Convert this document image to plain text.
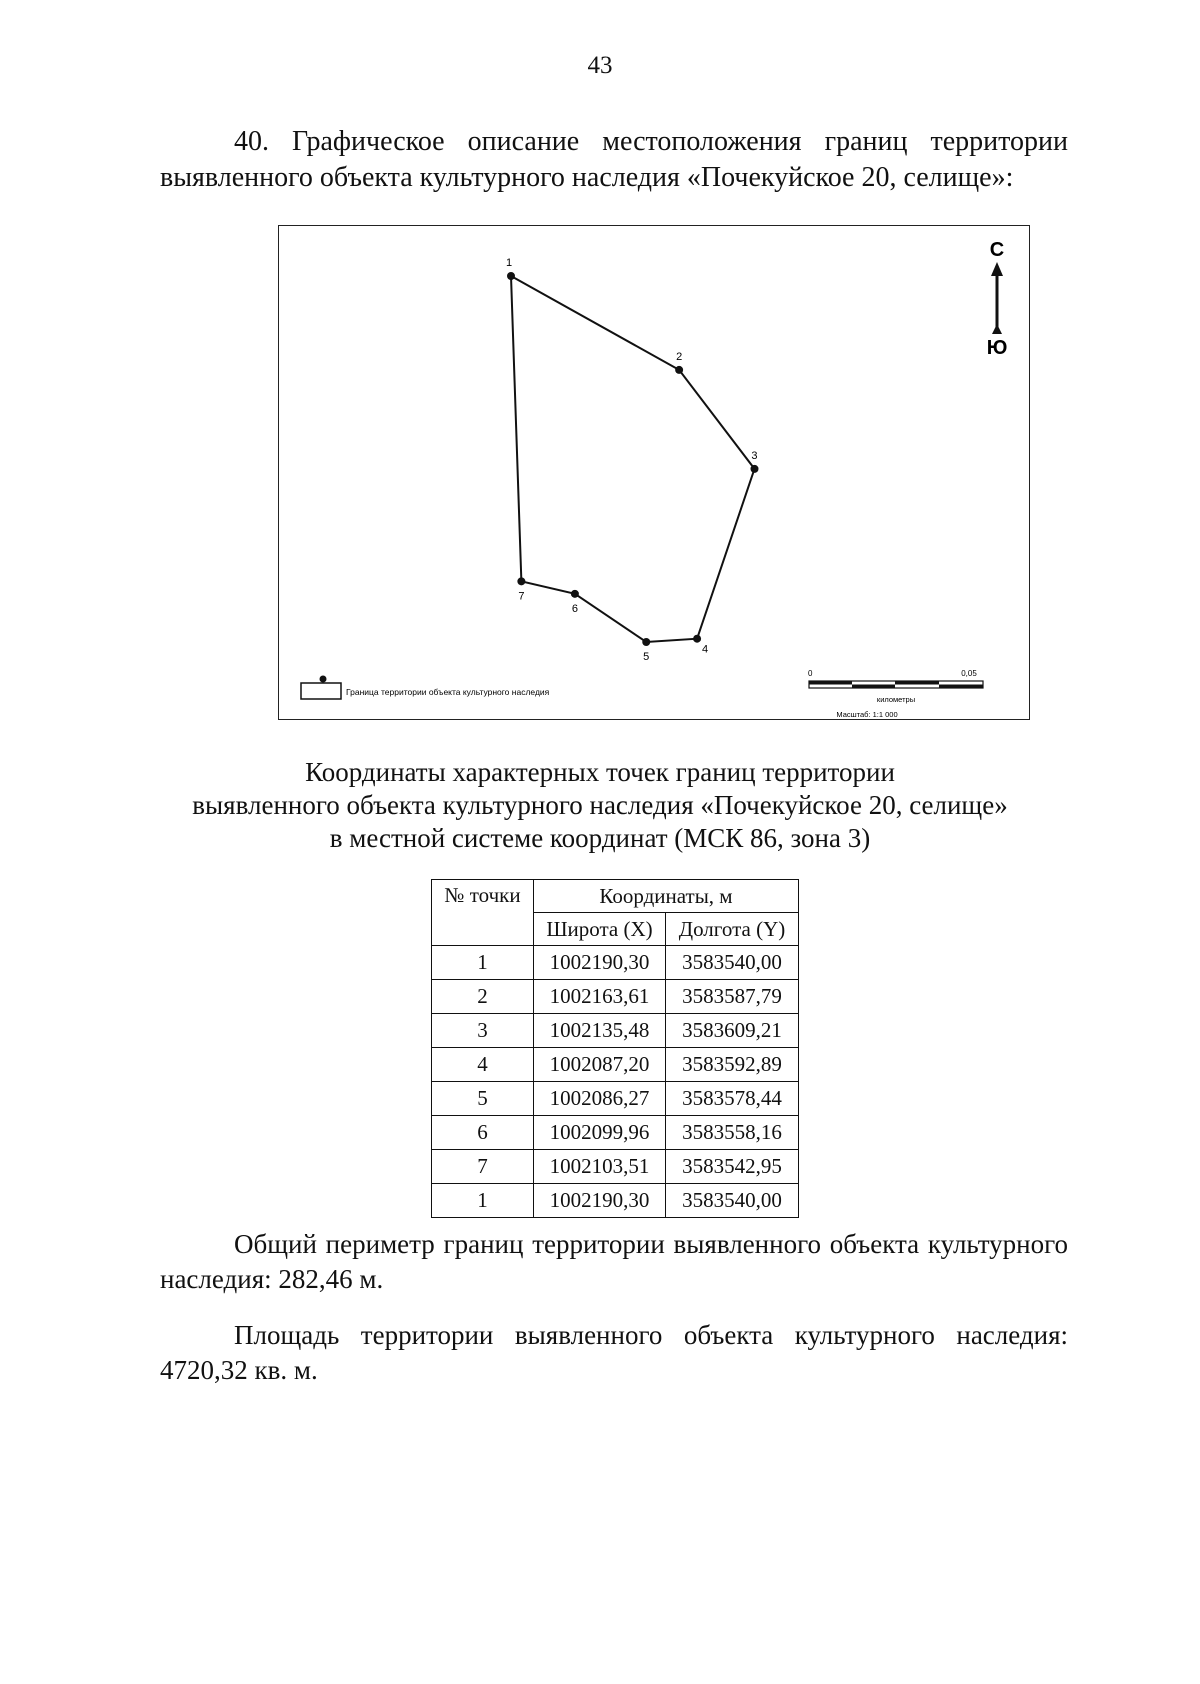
43
40. Графическое описание местоположения границ территории выявленного объекта культурного наследия «Почекуйское 20, селище»:
1
2
3
4
5
6
7
С
Ю
Граница территории объекта культурного наследия
0	0,05
километры
Масштаб: 1:1 000
Координаты характерных точек границ территории
выявленного объекта культурного наследия «Почекуйское 20, селище»
в местной системе координат (МСК 86, зона 3)
№ точки	Координаты, м	
	Широта (X)	Долгота (Y)
1	1002190,30	3583540,00
2	1002163,61	3583587,79
3	1002135,48	3583609,21
4	1002087,20	3583592,89
5	1002086,27	3583578,44
6	1002099,96	3583558,16
7	1002103,51	3583542,95
1	1002190,30	3583540,00
Общий периметр границ территории выявленного объекта культурного наследия: 282,46 м.
Площадь территории выявленного объекта культурного наследия: 4720,32 кв. м.
